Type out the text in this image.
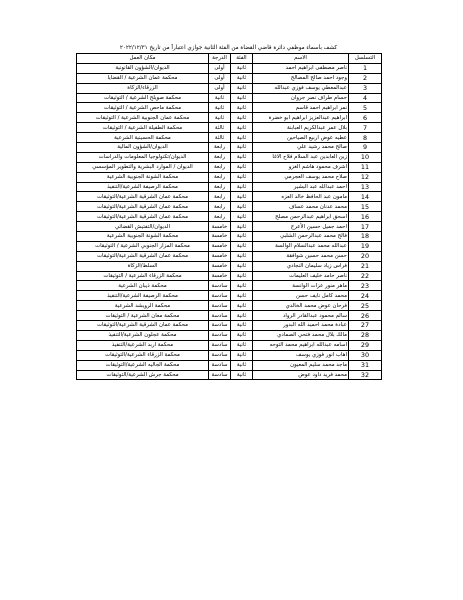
كشف بأسماء موظفي دائرة قاضي القضاة من الفئة الثانية جوازي اعتباراً من تاريخ ٢٠٢٢/١٢/٣١
التسلسل	الاسم	الفئة	الدرجة	مكان العمل
1	ناصر مصطفى ابراهيم احمد	ثانية	أولى	الديوان/الشؤون القانونية
2	وجود احمد صالح المصالح	ثانية	أولى	محكمة عمان الشرعية / القضايا
3	عبدالمعطي يوسف فوزي عبدالله	ثانية	أولى	الزرقاء/الزكاة
4	حسام طراف نصر جروان	ثانية	ثانية	محكمة صويلح الشرعية / التوثيقات
5	نمر ابراهيم احمد قاسم	ثانية	ثانية	محكمة ماحص الشرعية / التوثيقات
6	ابراهيم عبدالعزيز ابراهيم ابو خضرة	ثانية	ثانية	محكمة عمان الجنوبية الشرعية / التوثيقات
7	بلال عمر عبدالكريم العبابنة	ثانية	ثالثة	محكمة الطفيلة الشرعية / التوثيقات
8	عطيه عوض اربيع الصياحين	ثانية	ثالثة	محكمة الحسينية الشرعية
9	صالح محمد رشيد علي	ثانية	رابعة	الديوان/الشؤون المالية
10	زين العابدين عبد السلام فلاح الاغا	ثانية	رابعة	الديوان/تكنولوجيا المعلومات والدراسات
11	اشرف محمود هاشم الغزو	ثانية	رابعة	الديوان / الموارد البشرية والتطوير المؤسسي
12	صلاح محمد يوسف العجرمي	ثانية	رابعة	محكمة الشونة الجنوبية الشرعية
13	احمد عبدالله عبد البشير	ثانية	رابعة	محكمة الرصيفة الشرعية/التنفيذ
14	مامون عبد الحافظ خالد العزه	ثانية	رابعة	محكمة عمان الشرقية الشرعية/التوثيقات
15	محمد عدنان محمد عساف	ثانية	رابعة	محكمة عمان الشرقية الشرعية/التوثيقات
16	اسحق ابراهيم عبدالرحمن مصلح	ثانية	رابعة	محكمة عمان الشرقية الشرعية/التوثيقات
17	احمد جميل حسين الأعرج	ثانية	خامسة	الديوان/التفتيش القضائي
18	فالح محمد عبدالرحمن الشلبي	ثانية	خامسة	محكمة الشونة الجنوبية الشرعية
19	عبدالله محمد عبدالسلام الوالسة	ثانية	خامسة	محكمة المزار الجنوبي الشرعية / التوثيقات
20	حسن محمد حسين شوافقة	ثانية	خامسة	محكمة عمان الشرقية الشرعية/التوثيقات
21	فراس زياد سليمان النجادي	ثانية	خامسة	السلط/الزكاة
22	ناصر حامد خليف العليمات	ثانية	خامسة	محكمة الزرقاء الشرعية / التوثيقات
23	ماهر منور عزات الوانسة	ثانية	سادسة	محكمة ذيبان الشرعية
24	محمد كامل نايف حسن	ثانية	سادسة	محكمة الرصيفة الشرعية/التنفيذ
25	فرحان عوض محمد الخالدي	ثانية	سادسة	محكمة الرويشد الشرعية
26	سالم محمود عبدالقادر الرواد	ثانية	سادسة	محكمة معان الشرعية / التوثيقات
27	عبادة محمد احميد الله البدور	ثانية	سادسة	محكمة عمان الشرقية الشرعية/التوثيقات
28	مالك بلال محمد فتحي الصمادي	ثانية	سادسة	محكمة عجلون الشرعية/التنفيذ
29	اسامه عبدالله ابراهيم محمد التوحه	ثانية	سادسة	محكمة اربد الشرعية/التنفيذ
30	اهاب انور فوزي يوسف	ثانية	سادسة	محكمة الزرقاء الشرعية/التوثيقات
31	ماجد محمد سليم المعيون	ثانية	سادسة	محكمة الجاليه الشرعية/التوثيقات
32	محمد فريد داود عوض	ثانية	سادسة	محكمة جرش الشرعية/التوثيقات
